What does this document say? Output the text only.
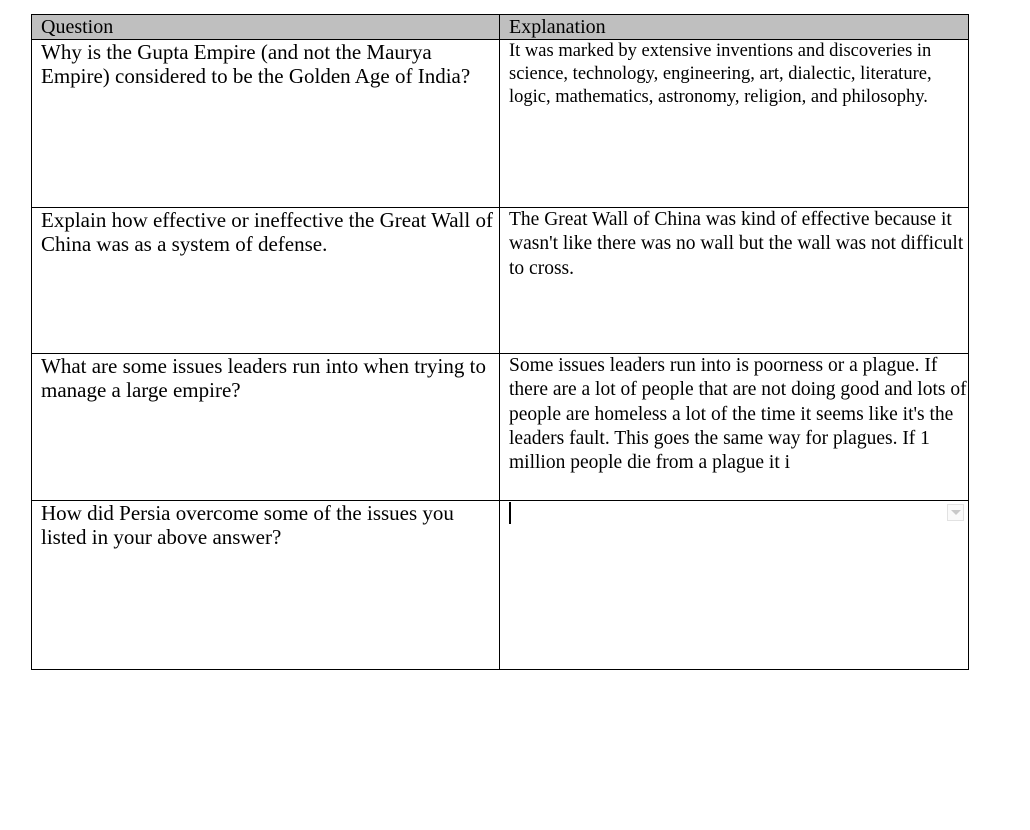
Question	Explanation
Why is the Gupta Empire (and not the Maurya Empire) considered to be the Golden Age of India?	It was marked by extensive inventions and discoveries in science, technology, engineering, art, dialectic, literature, logic, mathematics, astronomy, religion, and philosophy.
Explain how effective or ineffective the Great Wall of China was as a system of defense.	The Great Wall of China was kind of effective because it wasn't like there was no wall but the wall was not difficult to cross.
What are some issues leaders run into when trying to manage a large empire?	Some issues leaders run into is poorness or a plague. If there are a lot of people that are not doing good and lots of people are homeless a lot of the time it seems like it's the leaders fault. This goes the same way for plagues. If 1 million people die from a plague it i
How did Persia overcome some of the issues you listed in your above answer?	
